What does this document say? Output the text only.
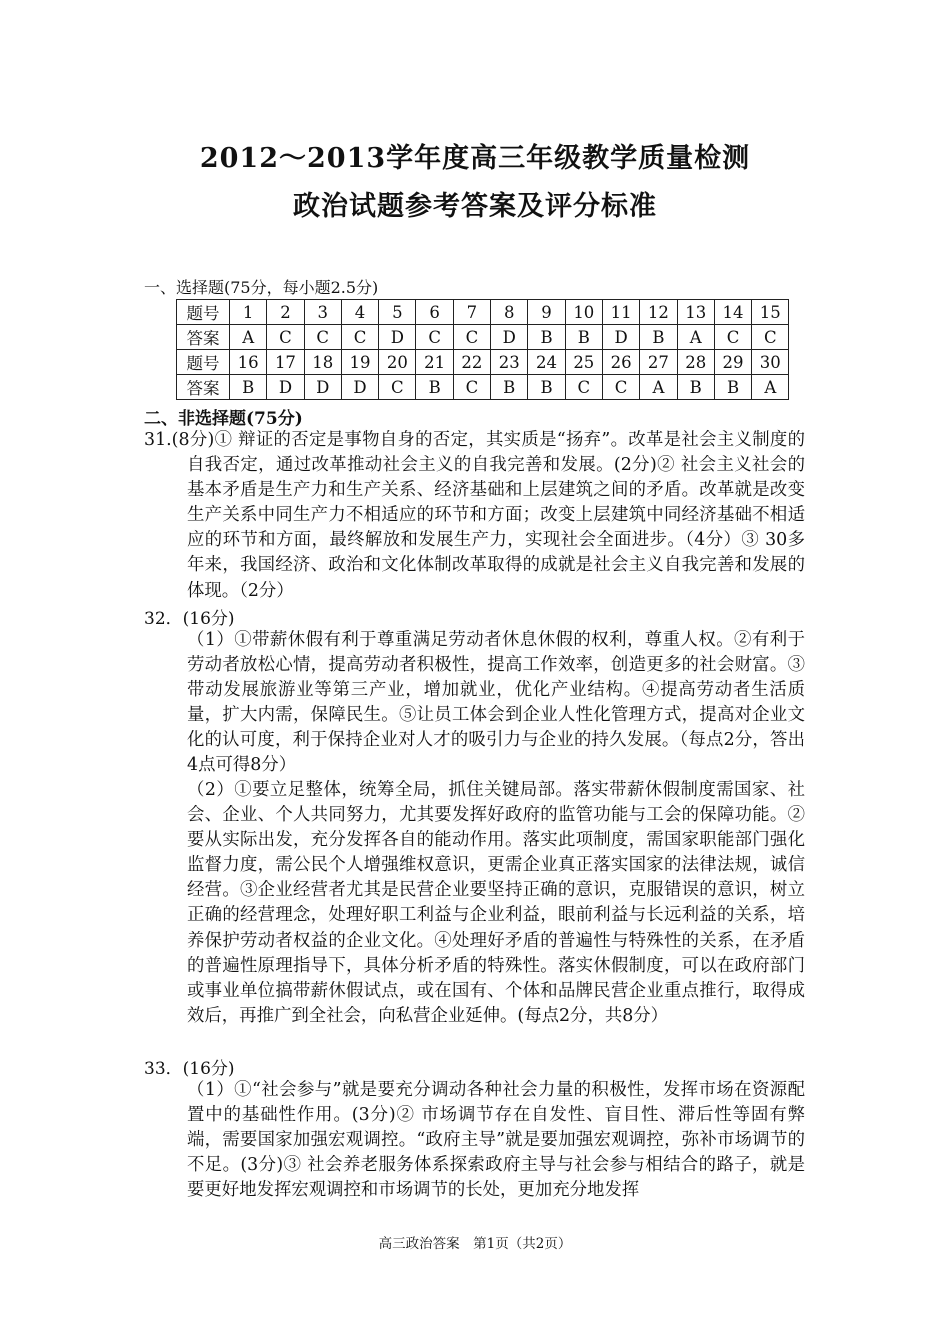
2012～2013学年度高三年级教学质量检测
政治试题参考答案及评分标准
一、选择题(75分，每小题2.5分)
题号	1	2	3	4	5	6	7	8	9	10	11	12	13	14	15
答案	A	C	C	C	D	C	C	D	B	B	D	B	A	C	C
题号	16	17	18	19	20	21	22	23	24	25	26	27	28	29	30
答案	B	D	D	D	C	B	C	B	B	C	C	A	B	B	A
二、非选择题(75分)
31.(8分)① 辩证的否定是事物自身的否定，其实质是“扬弃”。改革是社会主义制度的自我否定，通过改革推动社会主义的自我完善和发展。(2分)② 社会主义社会的基本矛盾是生产力和生产关系、经济基础和上层建筑之间的矛盾。改革就是改变生产关系中同生产力不相适应的环节和方面；改变上层建筑中同经济基础不相适应的环节和方面，最终解放和发展生产力，实现社会全面进步。（4分）③ 30多年来，我国经济、政治和文化体制改革取得的成就是社会主义自我完善和发展的体现。（2分）
32．(16分)
（1）①带薪休假有利于尊重满足劳动者休息休假的权利，尊重人权。②有利于劳动者放松心情，提高劳动者积极性，提高工作效率，创造更多的社会财富。③带动发展旅游业等第三产业，增加就业，优化产业结构。④提高劳动者生活质量，扩大内需，保障民生。⑤让员工体会到企业人性化管理方式，提高对企业文化的认可度，利于保持企业对人才的吸引力与企业的持久发展。（每点2分，答出4点可得8分）
（2）①要立足整体，统筹全局，抓住关键局部。落实带薪休假制度需国家、社会、企业、个人共同努力，尤其要发挥好政府的监管功能与工会的保障功能。②要从实际出发，充分发挥各自的能动作用。落实此项制度，需国家职能部门强化监督力度，需公民个人增强维权意识，更需企业真正落实国家的法律法规，诚信经营。③企业经营者尤其是民营企业要坚持正确的意识，克服错误的意识，树立正确的经营理念，处理好职工利益与企业利益，眼前利益与长远利益的关系，培养保护劳动者权益的企业文化。④处理好矛盾的普遍性与特殊性的关系，在矛盾的普遍性原理指导下，具体分析矛盾的特殊性。落实休假制度，可以在政府部门或事业单位搞带薪休假试点，或在国有、个体和品牌民营企业重点推行，取得成效后，再推广到全社会，向私营企业延伸。(每点2分，共8分）
33．(16分)
（1）①“社会参与”就是要充分调动各种社会力量的积极性，发挥市场在资源配置中的基础性作用。(3分)② 市场调节存在自发性、盲目性、滞后性等固有弊端，需要国家加强宏观调控。“政府主导”就是要加强宏观调控，弥补市场调节的不足。(3分)③ 社会养老服务体系探索政府主导与社会参与相结合的路子，就是要更好地发挥宏观调控和市场调节的长处，更加充分地发挥
高三政治答案　第1页（共2页）
